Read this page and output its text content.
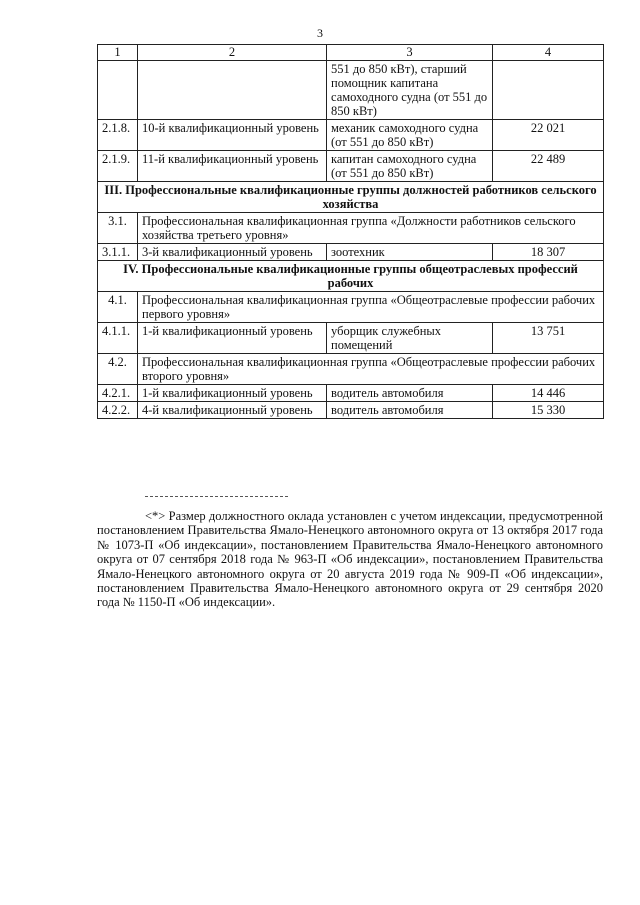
3
1	2	3	4
		551 до 850 кВт), старший помощник капитана самоходного судна (от 551 до 850 кВт)	
2.1.8.	10-й квалификационный уровень	механик самоходного судна (от 551 до 850 кВт)	22 021
2.1.9.	11-й квалификационный уровень	капитан самоходного судна (от 551 до 850 кВт)	22 489
III. Профессиональные квалификационные группы должностей работников сельского хозяйства			
3.1.	Профессиональная квалификационная группа «Должности работников сельского хозяйства третьего уровня»		
3.1.1.	3-й квалификационный уровень	зоотехник	18 307
IV. Профессиональные квалификационные группы общеотраслевых профессий рабочих			
4.1.	Профессиональная квалификационная группа «Общеотраслевые профессии рабочих первого уровня»		
4.1.1.	1-й квалификационный уровень	уборщик служебных помещений	13 751
4.2.	Профессиональная квалификационная группа «Общеотраслевые профессии рабочих второго уровня»		
4.2.1.	1-й квалификационный уровень	водитель автомобиля	14 446
4.2.2.	4-й квалификационный уровень	водитель автомобиля	15 330
<*> Размер должностного оклада установлен с учетом индексации, предусмотренной постановлением Правительства Ямало-Ненецкого автономного округа от 13 октября 2017 года № 1073-П «Об индексации», постановлением Правительства Ямало-Ненецкого автономного округа от 07 сентября 2018 года № 963-П «Об индексации», постановлением Правительства Ямало-Ненецкого автономного округа от 20 августа 2019 года № 909-П «Об индексации», постановлением Правительства Ямало-Ненецкого автономного округа от 29 сентября 2020 года № 1150-П «Об индексации».
